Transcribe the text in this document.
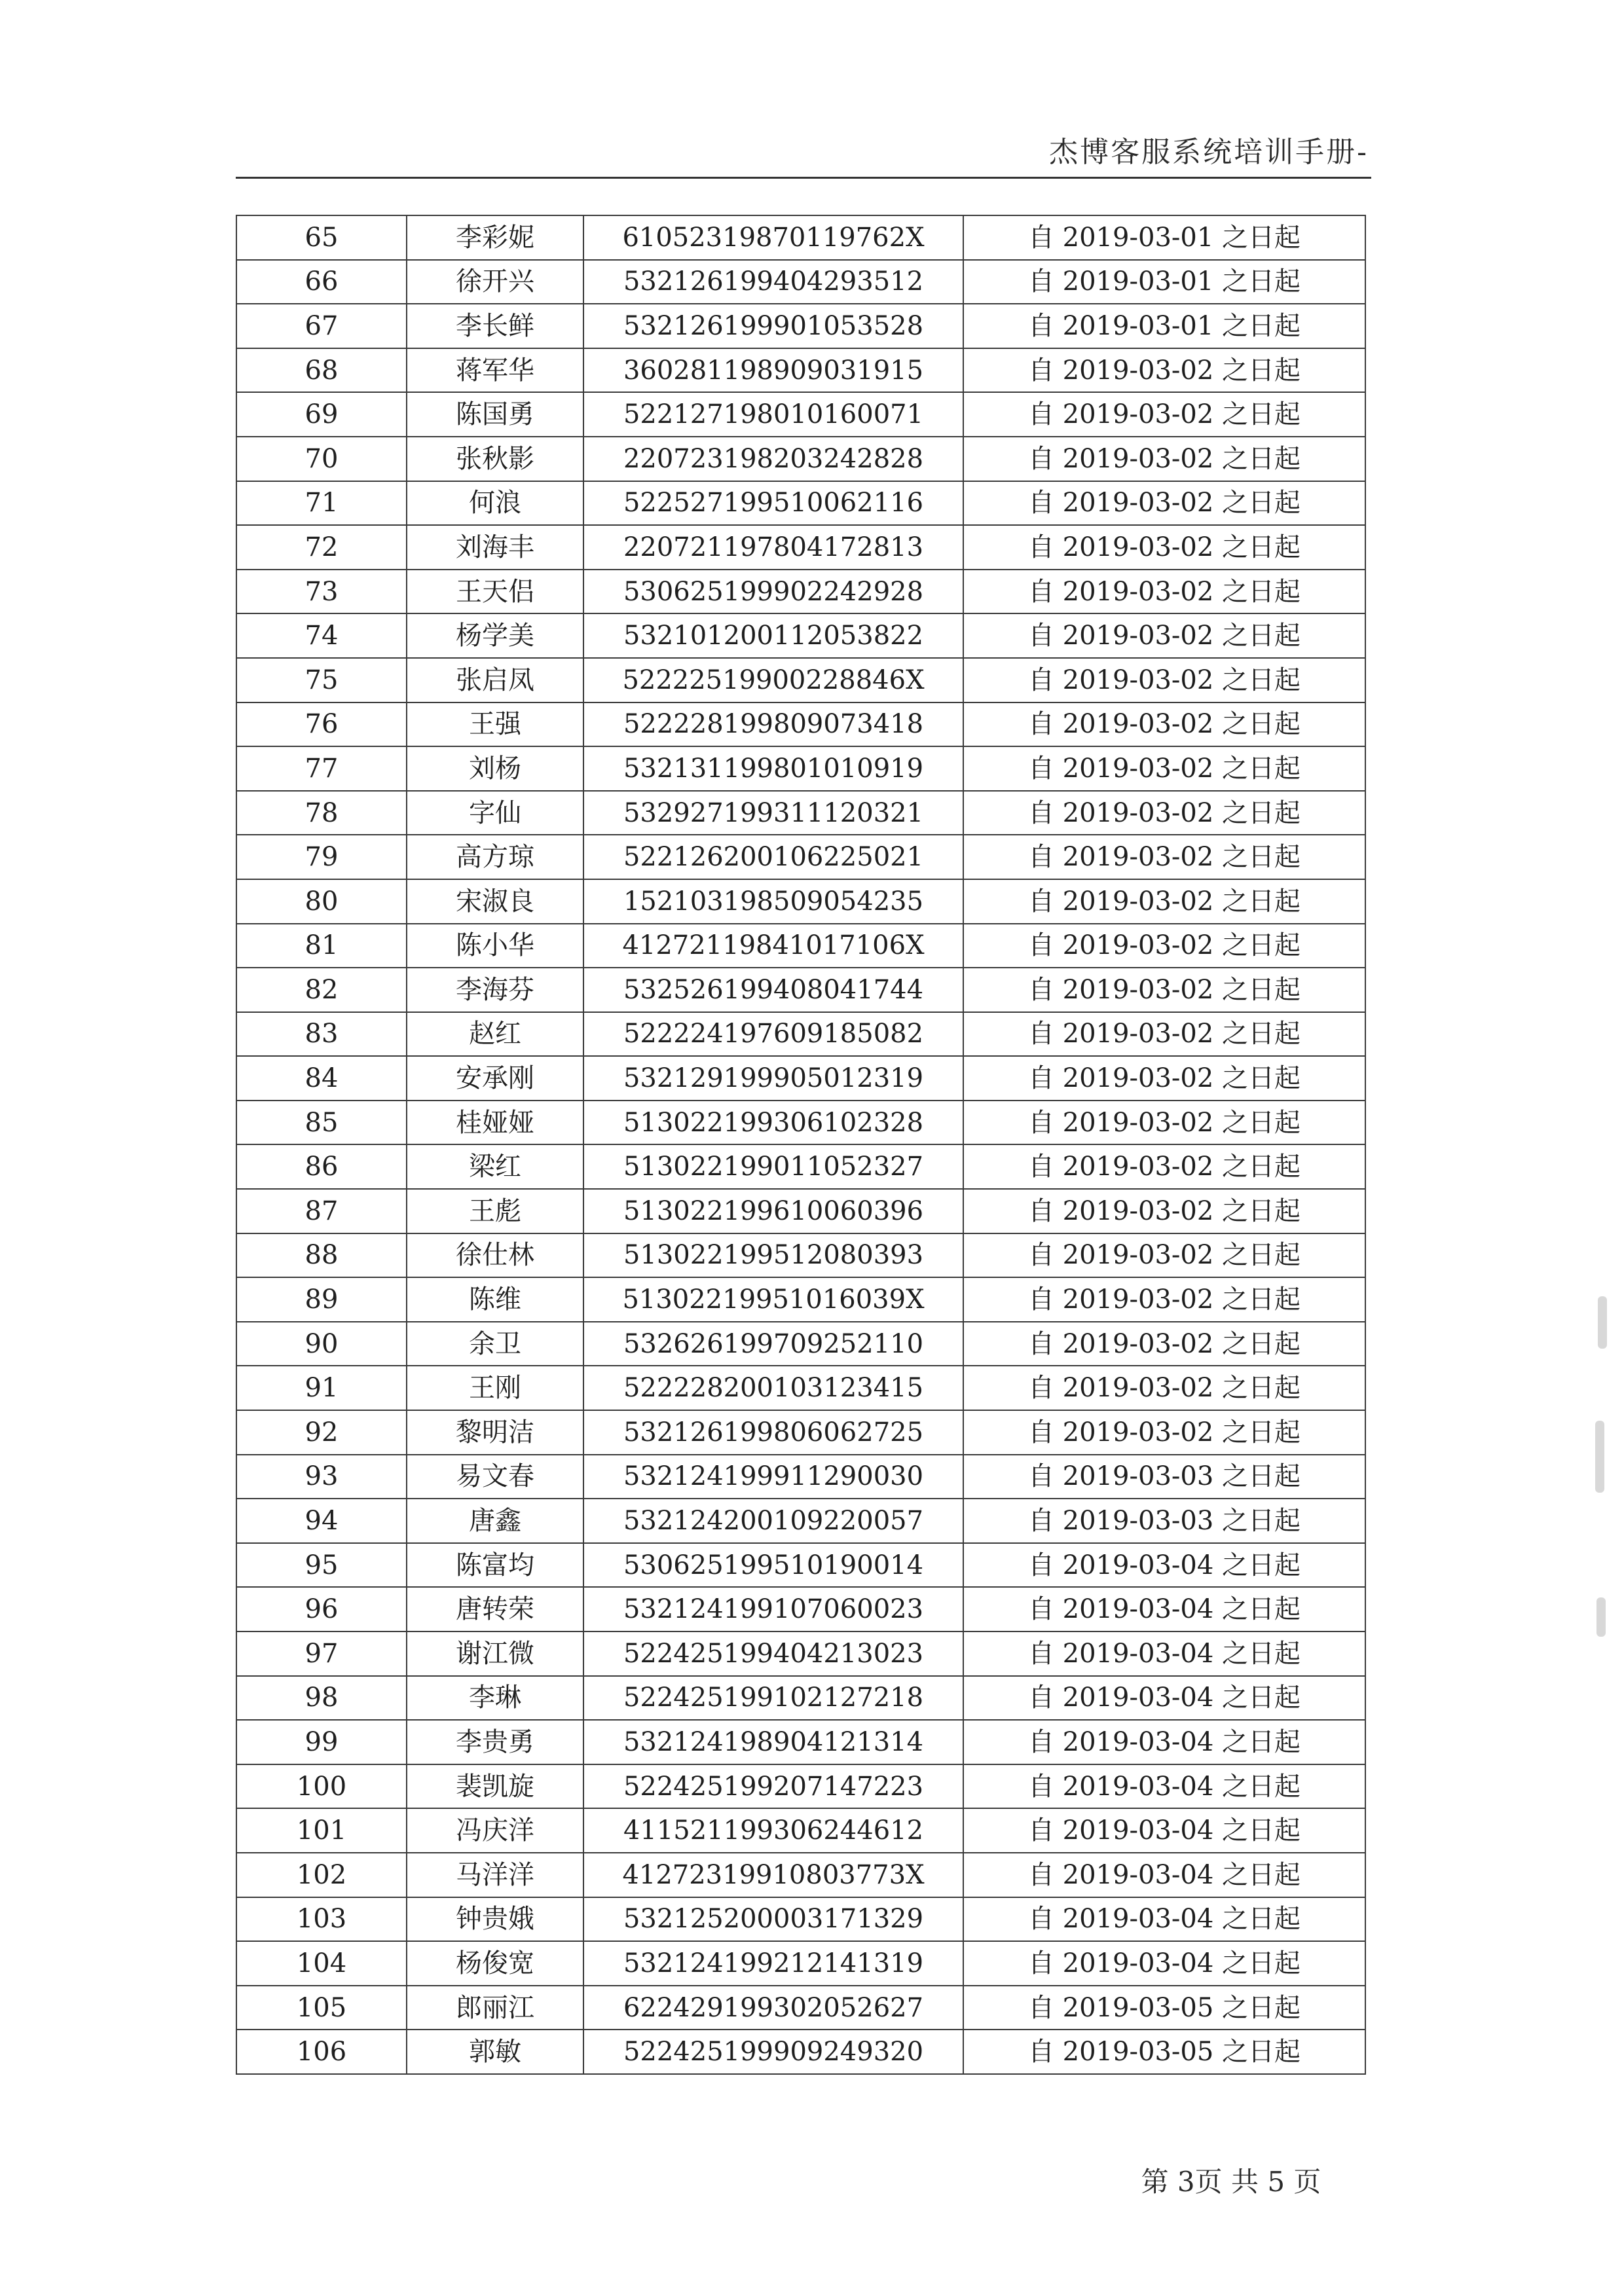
杰博客服系统培训手册-
65	李彩妮	61052319870119762X	自 2019-03-01 之日起
66	徐开兴	532126199404293512	自 2019-03-01 之日起
67	李长鲜	532126199901053528	自 2019-03-01 之日起
68	蒋军华	360281198909031915	自 2019-03-02 之日起
69	陈国勇	522127198010160071	自 2019-03-02 之日起
70	张秋影	220723198203242828	自 2019-03-02 之日起
71	何浪	522527199510062116	自 2019-03-02 之日起
72	刘海丰	220721197804172813	自 2019-03-02 之日起
73	王天侣	530625199902242928	自 2019-03-02 之日起
74	杨学美	532101200112053822	自 2019-03-02 之日起
75	张启凤	52222519900228846X	自 2019-03-02 之日起
76	王强	522228199809073418	自 2019-03-02 之日起
77	刘杨	532131199801010919	自 2019-03-02 之日起
78	字仙	532927199311120321	自 2019-03-02 之日起
79	高方琼	522126200106225021	自 2019-03-02 之日起
80	宋淑良	152103198509054235	自 2019-03-02 之日起
81	陈小华	41272119841017106X	自 2019-03-02 之日起
82	李海芬	532526199408041744	自 2019-03-02 之日起
83	赵红	522224197609185082	自 2019-03-02 之日起
84	安承刚	532129199905012319	自 2019-03-02 之日起
85	桂娅娅	513022199306102328	自 2019-03-02 之日起
86	梁红	513022199011052327	自 2019-03-02 之日起
87	王彪	513022199610060396	自 2019-03-02 之日起
88	徐仕林	513022199512080393	自 2019-03-02 之日起
89	陈维	51302219951016039X	自 2019-03-02 之日起
90	余卫	532626199709252110	自 2019-03-02 之日起
91	王刚	522228200103123415	自 2019-03-02 之日起
92	黎明洁	532126199806062725	自 2019-03-02 之日起
93	易文春	532124199911290030	自 2019-03-03 之日起
94	唐鑫	532124200109220057	自 2019-03-03 之日起
95	陈富均	530625199510190014	自 2019-03-04 之日起
96	唐转荣	532124199107060023	自 2019-03-04 之日起
97	谢江微	522425199404213023	自 2019-03-04 之日起
98	李琳	522425199102127218	自 2019-03-04 之日起
99	李贵勇	532124198904121314	自 2019-03-04 之日起
100	裴凯旋	522425199207147223	自 2019-03-04 之日起
101	冯庆洋	411521199306244612	自 2019-03-04 之日起
102	马洋洋	41272319910803773X	自 2019-03-04 之日起
103	钟贵娥	532125200003171329	自 2019-03-04 之日起
104	杨俊宽	532124199212141319	自 2019-03-04 之日起
105	郎丽江	622429199302052627	自 2019-03-05 之日起
106	郭敏	522425199909249320	自 2019-03-05 之日起
第 3页 共 5 页
